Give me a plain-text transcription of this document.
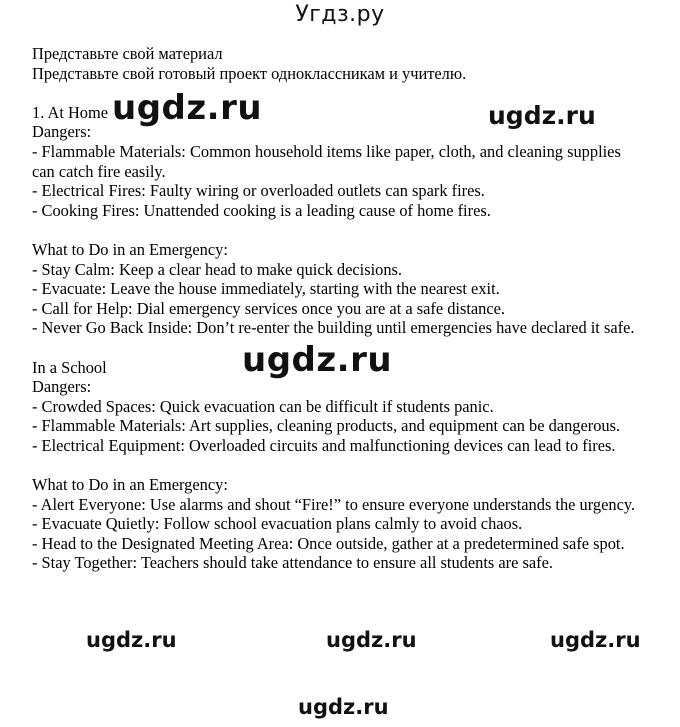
Угдз.ру

Представьте свой материал

Представьте свой готовый проект одноклассникам и учителю.

1. At Home

Dangers:

- Flammable Materials: Common household items like paper, cloth, and cleaning supplies can catch fire easily.

- Electrical Fires: Faulty wiring or overloaded outlets can spark fires.

- Cooking Fires: Unattended cooking is a leading cause of home fires.

What to Do in an Emergency:

- Stay Calm: Keep a clear head to make quick decisions.

- Evacuate: Leave the house immediately, starting with the nearest exit.

- Call for Help: Dial emergency services once you are at a safe distance.

- Never Go Back Inside: Don’t re-enter the building until emergencies have declared it safe.

In a School

Dangers:

- Crowded Spaces: Quick evacuation can be difficult if students panic.

- Flammable Materials: Art supplies, cleaning products, and equipment can be dangerous.

- Electrical Equipment: Overloaded circuits and malfunctioning devices can lead to fires.

What to Do in an Emergency:

- Alert Everyone: Use alarms and shout “Fire!” to ensure everyone understands the urgency.

- Evacuate Quietly: Follow school evacuation plans calmly to avoid chaos.

- Head to the Designated Meeting Area: Once outside, gather at a predetermined safe spot.

- Stay Together: Teachers should take attendance to ensure all students are safe.

ugdz.ru	ugdz.ru
ugdz.ru
ugdz.ru	ugdz.ru	ugdz.ru
ugdz.ru
